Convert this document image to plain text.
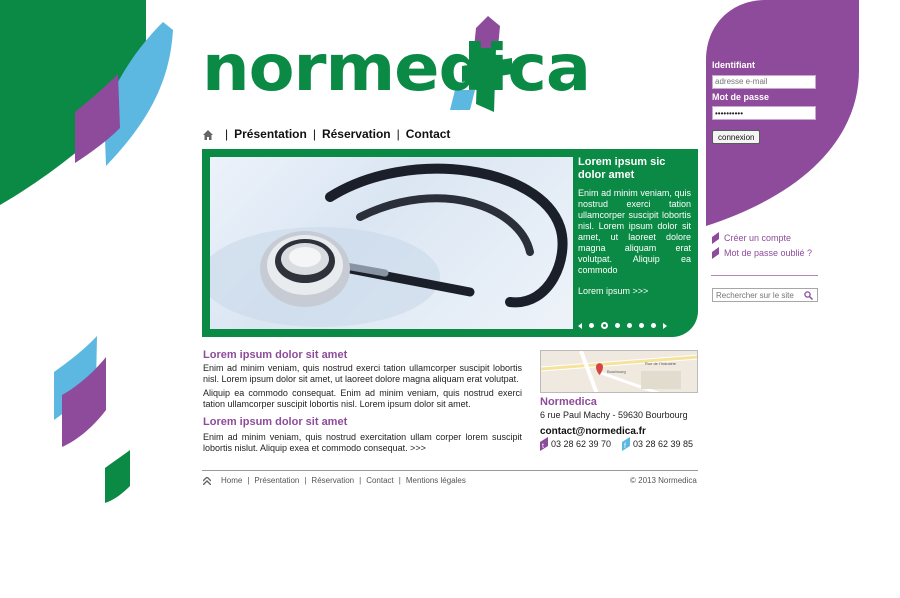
normedica
| Présentation | Réservation | Contact
Lorem ipsum sic dolor amet
Enim ad minim veniam, quis nostrud exerci tation ullamcorper suscipit lobortis nisl. Lorem ipsum dolor sit amet, ut laoreet dolore magna aliquam erat volutpat. Aliquip ea commodo
Lorem ipsum >>>
Lorem ipsum dolor sit amet
Enim ad minim veniam, quis nostrud exerci tation ullamcorper suscipit lobortis nisl. Lorem ipsum dolor sit amet, ut laoreet dolore magna aliquam erat volutpat.
Aliquip ea commodo consequat. Enim ad minim veniam, quis nostrud exerci tation ullamcorper suscipit lobortis nisl. Lorem ipsum dolor sit amet.
Lorem ipsum dolor sit amet
Enim ad minim veniam, quis nostrud exercitation ullam corper lorem suscipit lobortis nislut. Aliquip exea et commodo consequat. >>>
Bourbourg
Rue de l'Industrie
Normedica
6 rue Paul Machy - 59630 Bourbourg
contact@normedica.fr
t 03 28 62 39 70 f 03 28 62 39 85
Home | Présentation | Réservation | Contact | Mentions légales	© 2013 Normedica
Identifiant
adresse e-mail
Mot de passe
•••••••••• connexion
Créer un compte
Mot de passe oublié ?
Rechercher sur le site
